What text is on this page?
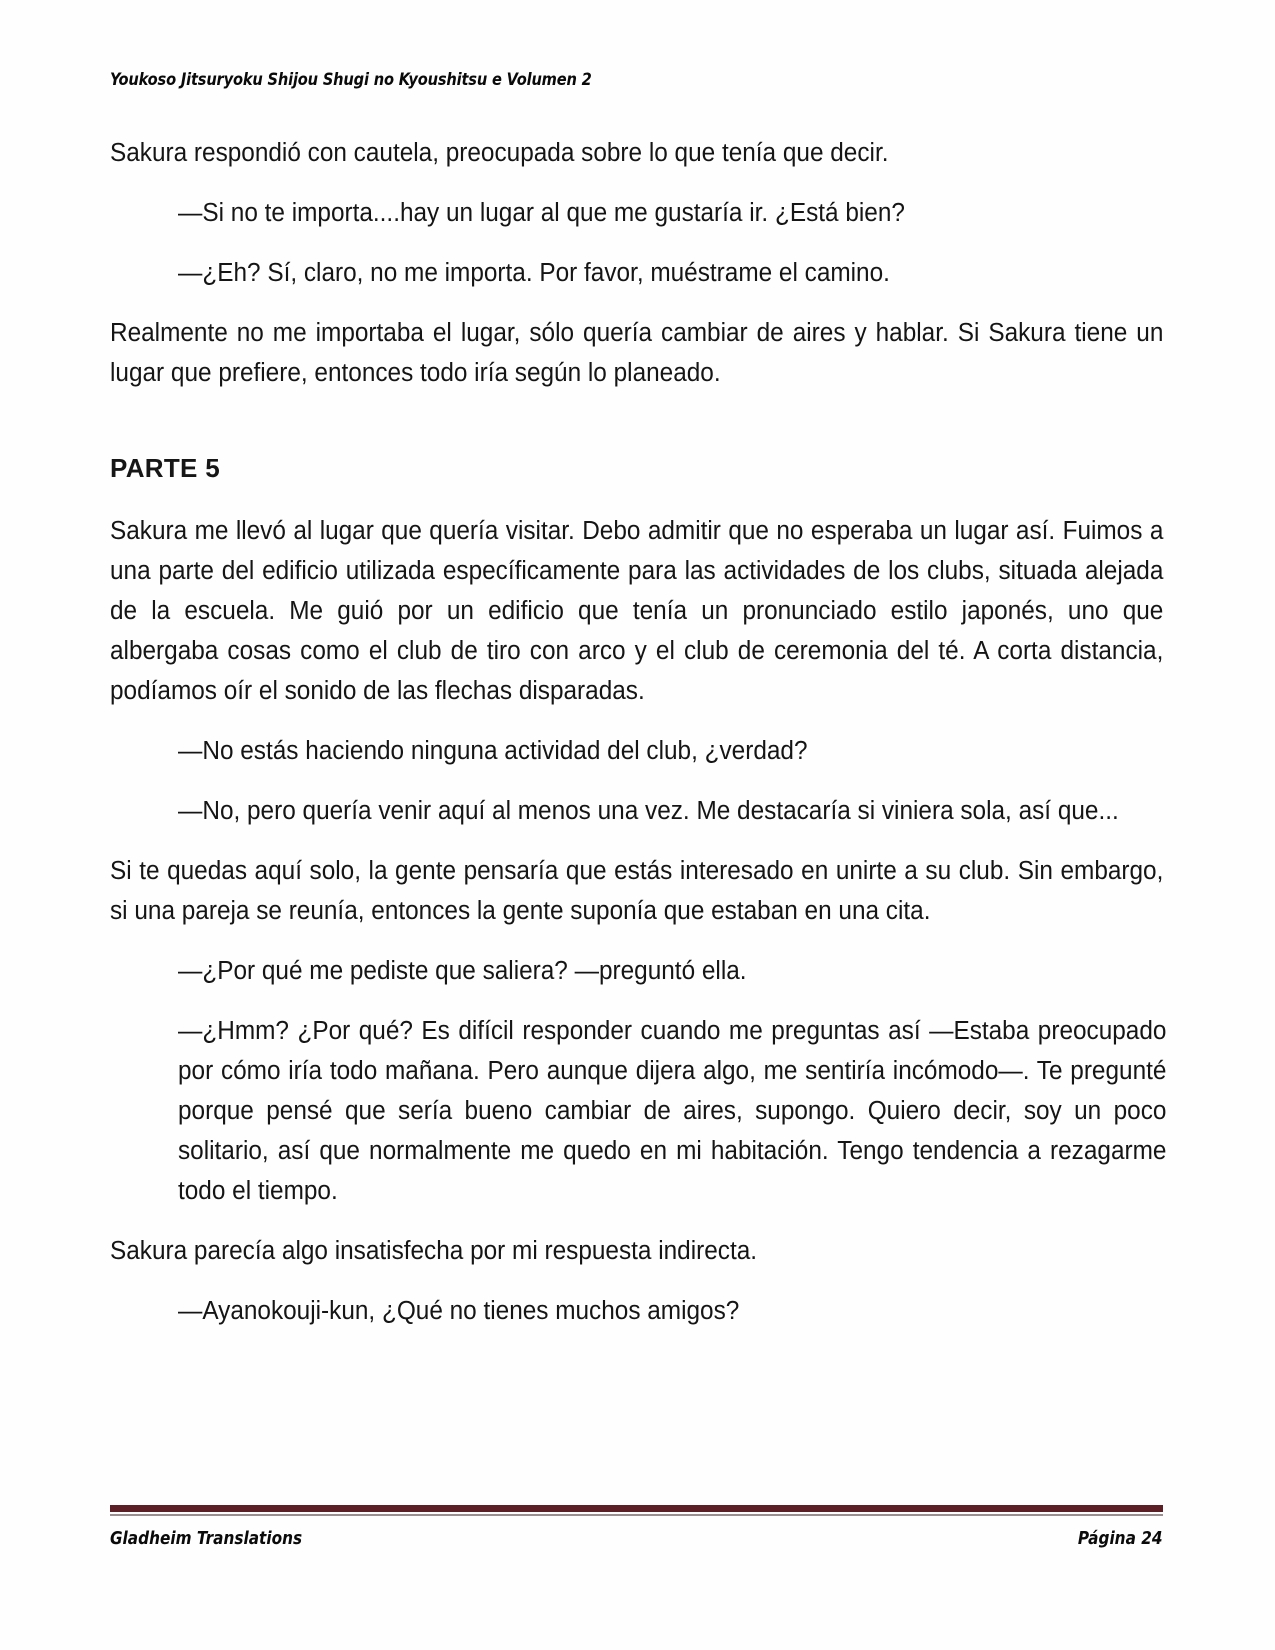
Youkoso Jitsuryoku Shijou Shugi no Kyoushitsu e Volumen 2

Sakura respondió con cautela, preocupada sobre lo que tenía que decir.

—Si no te importa....hay un lugar al que me gustaría ir. ¿Está bien?

—¿Eh? Sí, claro, no me importa. Por favor, muéstrame el camino.

Realmente no me importaba el lugar, sólo quería cambiar de aires y hablar. Si Sakura tiene un lugar que prefiere, entonces todo iría según lo planeado.

PARTE 5

Sakura me llevó al lugar que quería visitar. Debo admitir que no esperaba un lugar así. Fuimos a una parte del edificio utilizada específicamente para las actividades de los clubs, situada alejada de la escuela. Me guió por un edificio que tenía un pronunciado estilo japonés, uno que albergaba cosas como el club de tiro con arco y el club de ceremonia del té. A corta distancia, podíamos oír el sonido de las flechas disparadas.

—No estás haciendo ninguna actividad del club, ¿verdad?

—No, pero quería venir aquí al menos una vez. Me destacaría si viniera sola, así que...

Si te quedas aquí solo, la gente pensaría que estás interesado en unirte a su club. Sin embargo, si una pareja se reunía, entonces la gente suponía que estaban en una cita.

—¿Por qué me pediste que saliera? —preguntó ella.

—¿Hmm? ¿Por qué? Es difícil responder cuando me preguntas así —Estaba preocupado por cómo iría todo mañana. Pero aunque dijera algo, me sentiría incómodo—. Te pregunté porque pensé que sería bueno cambiar de aires, supongo. Quiero decir, soy un poco solitario, así que normalmente me quedo en mi habitación. Tengo tendencia a rezagarme todo el tiempo.

Sakura parecía algo insatisfecha por mi respuesta indirecta.

—Ayanokouji-kun, ¿Qué no tienes muchos amigos?

Gladheim Translations	Página 24
